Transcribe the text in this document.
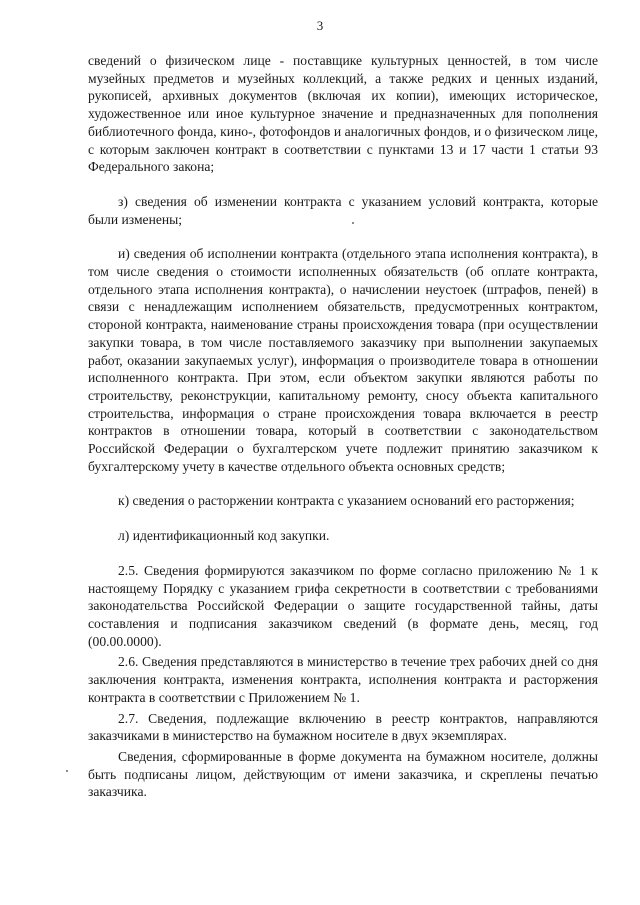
3

сведений о физическом лице - поставщике культурных ценностей, в том числе музейных предметов и музейных коллекций, а также редких и ценных изданий, рукописей, архивных документов (включая их копии), имеющих историческое, художественное или иное культурное значение и предназначенных для пополнения библиотечного фонда, кино-, фотофондов и аналогичных фондов, и о физическом лице, с которым заключен контракт в соответствии с пунктами 13 и 17 части 1 статьи 93 Федерального закона;

з) сведения об изменении контракта с указанием условий контракта, которые были изменены;

и) сведения об исполнении контракта (отдельного этапа исполнения контракта), в том числе сведения о стоимости исполненных обязательств (об оплате контракта, отдельного этапа исполнения контракта), о начислении неустоек (штрафов, пеней) в связи с ненадлежащим исполнением обязательств, предусмотренных контрактом, стороной контракта, наименование страны происхождения товара (при осуществлении закупки товара, в том числе поставляемого заказчику при выполнении закупаемых работ, оказании закупаемых услуг), информация о производителе товара в отношении исполненного контракта. При этом, если объектом закупки являются работы по строительству, реконструкции, капитальному ремонту, сносу объекта капитального строительства, информация о стране происхождения товара включается в реестр контрактов в отношении товара, который в соответствии с законодательством Российской Федерации о бухгалтерском учете подлежит принятию заказчиком к бухгалтерскому учету в качестве отдельного объекта основных средств;

к) сведения о расторжении контракта с указанием оснований его расторжения;

л) идентификационный код закупки.

2.5. Сведения формируются заказчиком по форме согласно приложению № 1 к настоящему Порядку с указанием грифа секретности в соответствии с требованиями законодательства Российской Федерации о защите государственной тайны, даты составления и подписания заказчиком сведений (в формате день, месяц, год (00.00.0000).

2.6. Сведения представляются в министерство в течение трех рабочих дней со дня заключения контракта, изменения контракта, исполнения контракта и расторжения контракта в соответствии с Приложением № 1.

2.7. Сведения, подлежащие включению в реестр контрактов, направляются заказчиками в министерство на бумажном носителе в двух экземплярах.

Сведения, сформированные в форме документа на бумажном носителе, должны быть подписаны лицом, действующим от имени заказчика, и скреплены печатью заказчика.
